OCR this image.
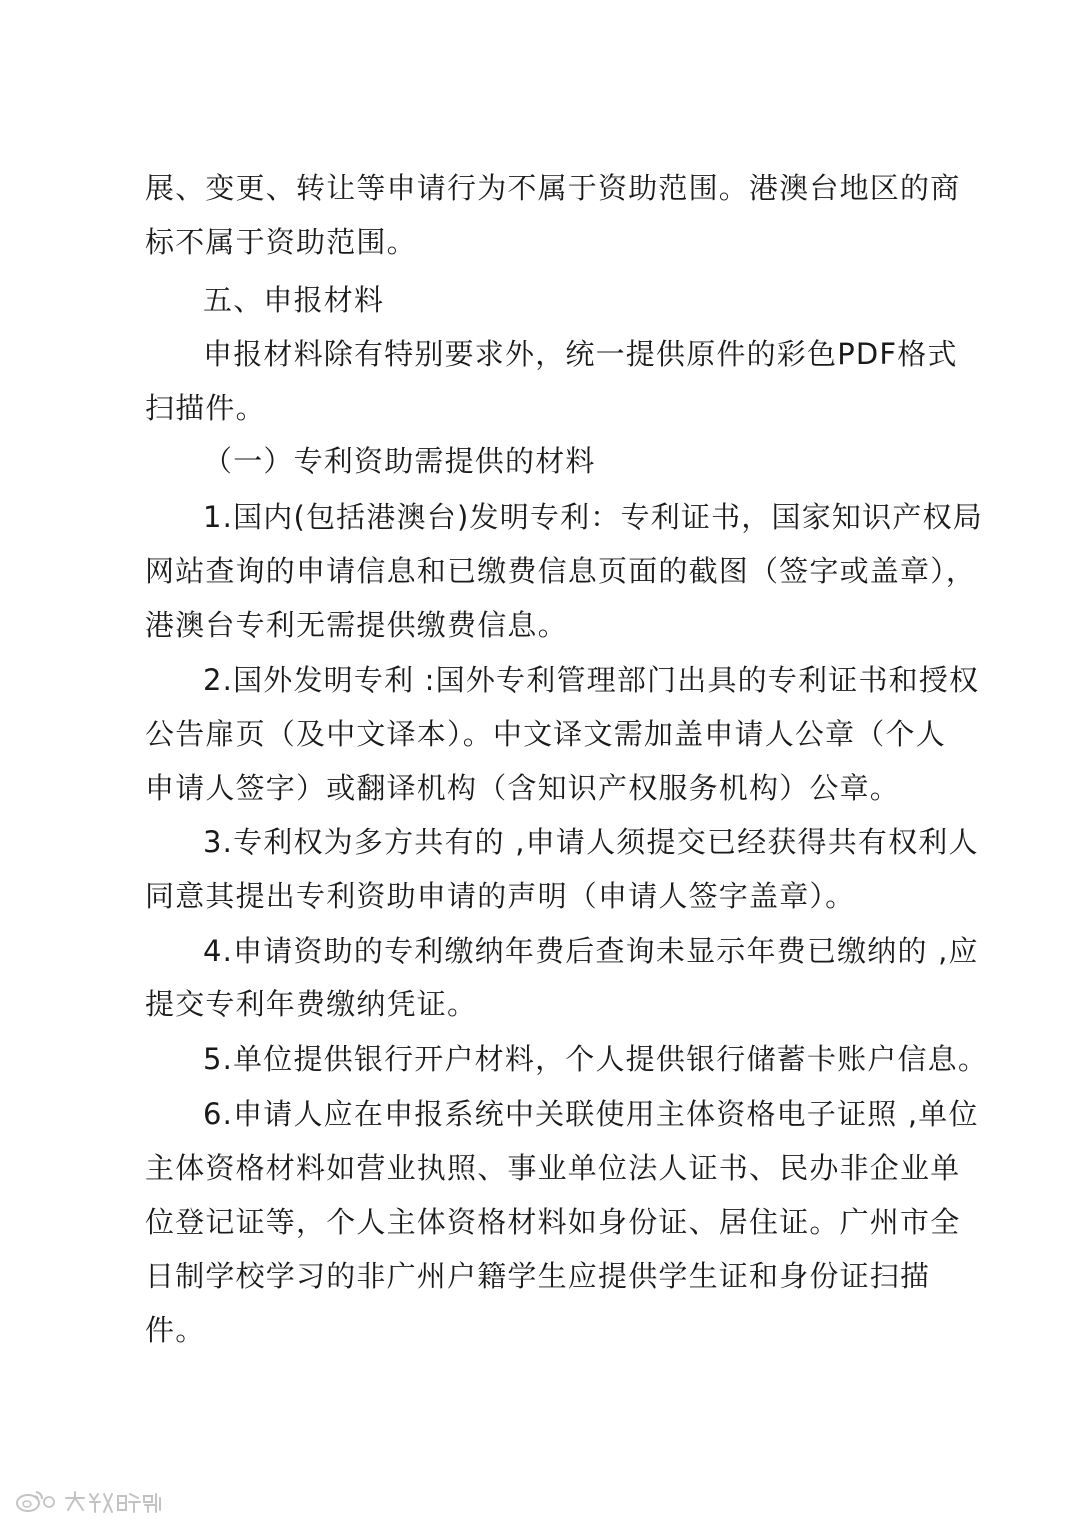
展、变更、转让等申请行为不属于资助范围。港澳台地区的商
标不属于资助范围。
五、申报材料
申报材料除有特别要求外，统一提供原件的彩色PDF格式
扫描件。
（一）专利资助需提供的材料
1.国内(包括港澳台)发明专利：专利证书，国家知识产权局
网站查询的申请信息和已缴费信息页面的截图（签字或盖章），
港澳台专利无需提供缴费信息。
2.国外发明专利 :国外专利管理部门出具的专利证书和授权
公告扉页（及中文译本）。中文译文需加盖申请人公章（个人
申请人签字）或翻译机构（含知识产权服务机构）公章。
3.专利权为多方共有的 ,申请人须提交已经获得共有权利人
同意其提出专利资助申请的声明（申请人签字盖章）。
4.申请资助的专利缴纳年费后查询未显示年费已缴纳的 ,应
提交专利年费缴纳凭证。
5.单位提供银行开户材料，个人提供银行储蓄卡账户信息。
6.申请人应在申报系统中关联使用主体资格电子证照 ,单位
主体资格材料如营业执照、事业单位法人证书、民办非企业单
位登记证等，个人主体资格材料如身份证、居住证。广州市全
日制学校学习的非广州户籍学生应提供学生证和身份证扫描
件。
